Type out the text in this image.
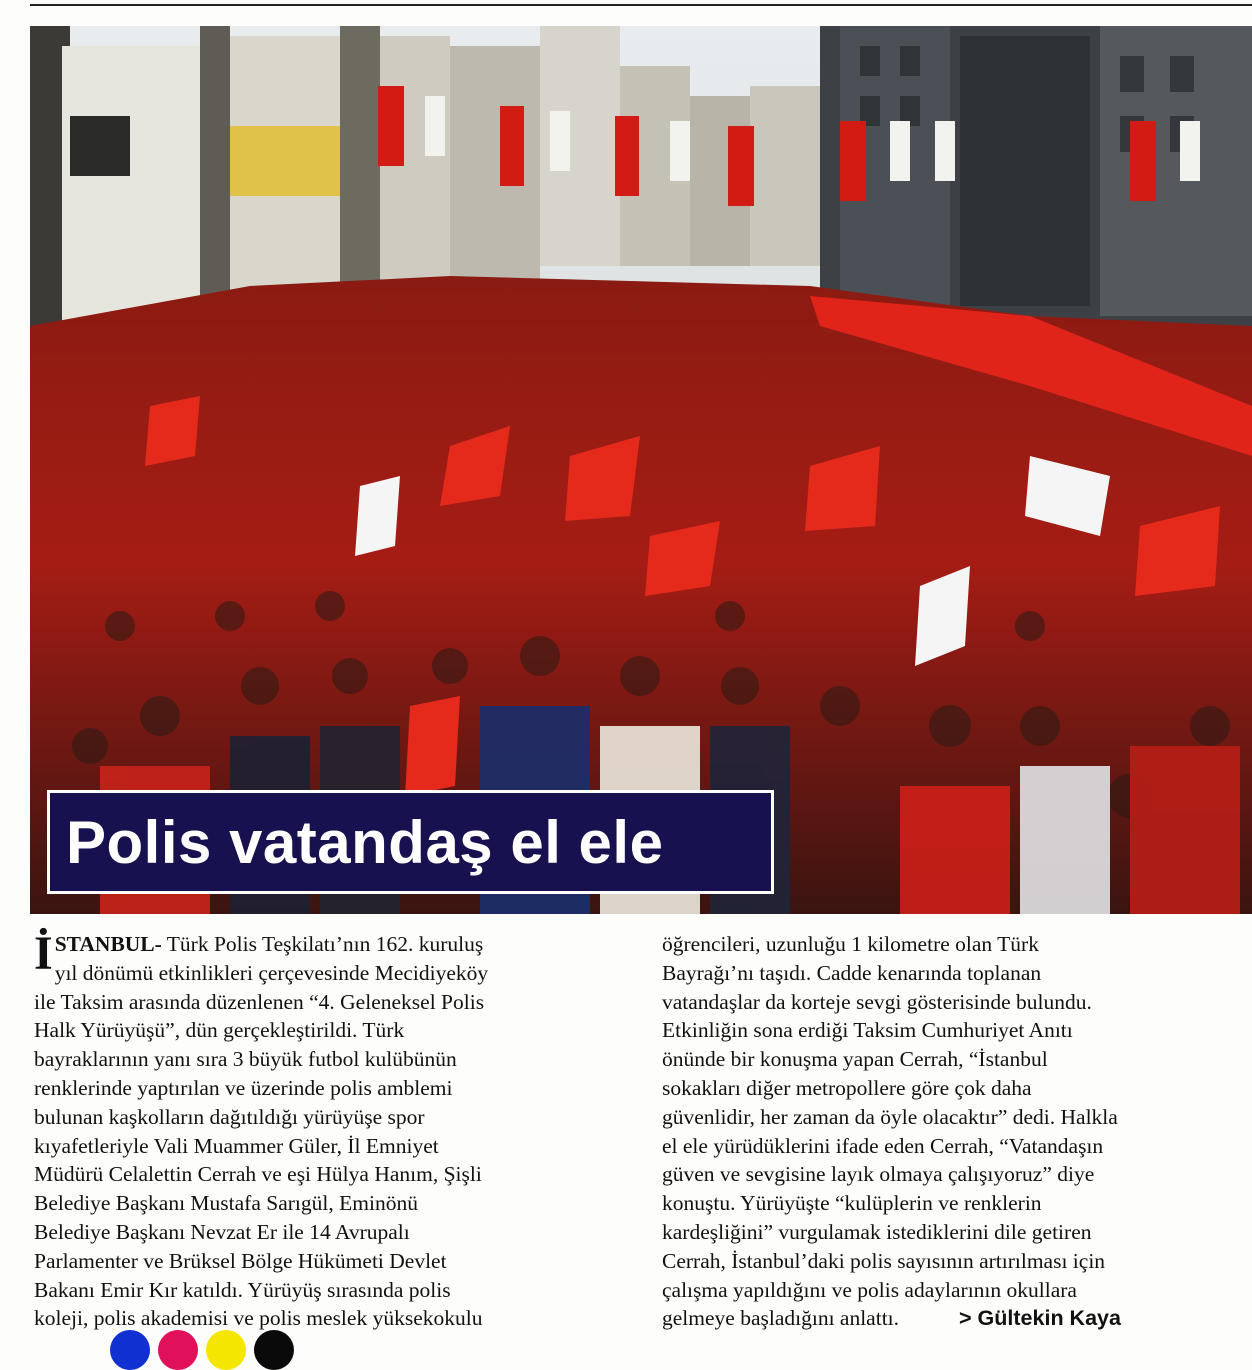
Polis vatandaş el ele
İSTANBUL- Türk Polis Teşkilatı’nın 162. kuruluş
yıl dönümü etkinlikleri çerçevesinde Mecidiyeköy
ile Taksim arasında düzenlenen “4. Geleneksel Polis
Halk Yürüyüşü”, dün gerçekleştirildi. Türk
bayraklarının yanı sıra 3 büyük futbol kulübünün
renklerinde yaptırılan ve üzerinde polis amblemi
bulunan kaşkolların dağıtıldığı yürüyüşe spor
kıyafetleriyle Vali Muammer Güler, İl Emniyet
Müdürü Celalettin Cerrah ve eşi Hülya Hanım, Şişli
Belediye Başkanı Mustafa Sarıgül, Eminönü
Belediye Başkanı Nevzat Er ile 14 Avrupalı
Parlamenter ve Brüksel Bölge Hükümeti Devlet
Bakanı Emir Kır katıldı. Yürüyüş sırasında polis
koleji, polis akademisi ve polis meslek yüksekokulu
öğrencileri, uzunluğu 1 kilometre olan Türk
Bayrağı’nı taşıdı. Cadde kenarında toplanan
vatandaşlar da korteje sevgi gösterisinde bulundu.
Etkinliğin sona erdiği Taksim Cumhuriyet Anıtı
önünde bir konuşma yapan Cerrah, “İstanbul
sokakları diğer metropollere göre çok daha
güvenlidir, her zaman da öyle olacaktır” dedi. Halkla
el ele yürüdüklerini ifade eden Cerrah, “Vatandaşın
güven ve sevgisine layık olmaya çalışıyoruz” diye
konuştu. Yürüyüşte “kulüplerin ve renklerin
kardeşliğini” vurgulamak istediklerini dile getiren
Cerrah, İstanbul’daki polis sayısının artırılması için
çalışma yapıldığını ve polis adaylarının okullara
gelmeye başladığını anlattı.	> Gültekin Kaya
